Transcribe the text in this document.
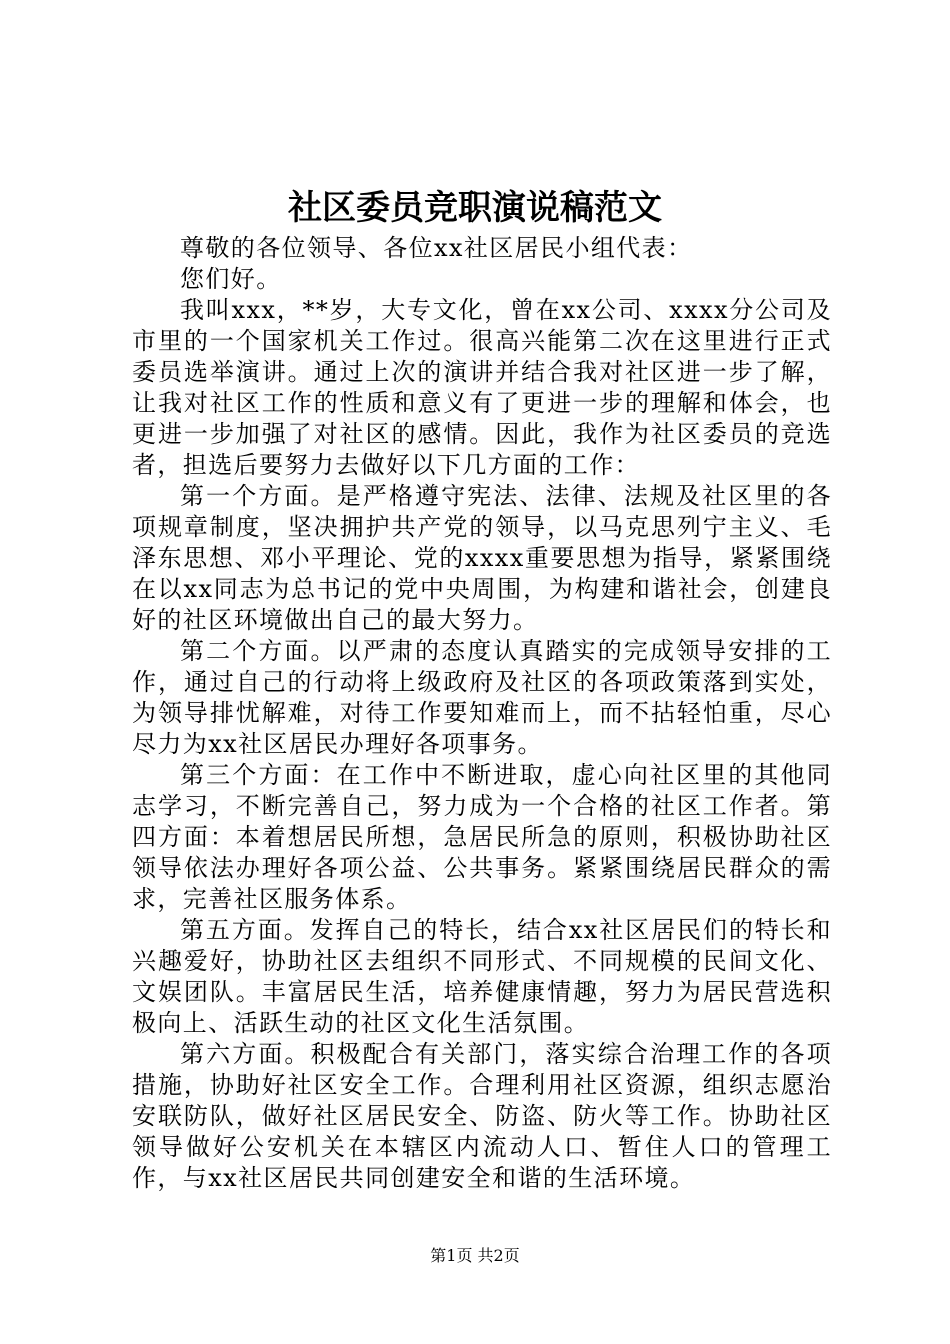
社区委员竞职演说稿范文

尊敬的各位领导、各位xx社区居民小组代表：

您们好。

我叫xxx，**岁，大专文化，曾在xx公司、xxxx分公司及市里的一个国家机关工作过。很高兴能第二次在这里进行正式委员选举演讲。通过上次的演讲并结合我对社区进一步了解，让我对社区工作的性质和意义有了更进一步的理解和体会，也更进一步加强了对社区的感情。因此，我作为社区委员的竞选者，担选后要努力去做好以下几方面的工作：

第一个方面。是严格遵守宪法、法律、法规及社区里的各项规章制度，坚决拥护共产党的领导，以马克思列宁主义、毛泽东思想、邓小平理论、党的xxxx重要思想为指导，紧紧围绕在以xx同志为总书记的党中央周围，为构建和谐社会，创建良好的社区环境做出自己的最大努力。

第二个方面。以严肃的态度认真踏实的完成领导安排的工作，通过自己的行动将上级政府及社区的各项政策落到实处，为领导排忧解难，对待工作要知难而上，而不拈轻怕重，尽心尽力为xx社区居民办理好各项事务。

第三个方面：在工作中不断进取，虚心向社区里的其他同志学习，不断完善自己，努力成为一个合格的社区工作者。第四方面：本着想居民所想，急居民所急的原则，积极协助社区领导依法办理好各项公益、公共事务。紧紧围绕居民群众的需求，完善社区服务体系。

第五方面。发挥自己的特长，结合xx社区居民们的特长和兴趣爱好，协助社区去组织不同形式、不同规模的民间文化、文娱团队。丰富居民生活，培养健康情趣，努力为居民营选积极向上、活跃生动的社区文化生活氛围。

第六方面。积极配合有关部门，落实综合治理工作的各项措施，协助好社区安全工作。合理利用社区资源，组织志愿治安联防队，做好社区居民安全、防盗、防火等工作。协助社区领导做好公安机关在本辖区内流动人口、暂住人口的管理工作，与xx社区居民共同创建安全和谐的生活环境。

第1页 共2页
